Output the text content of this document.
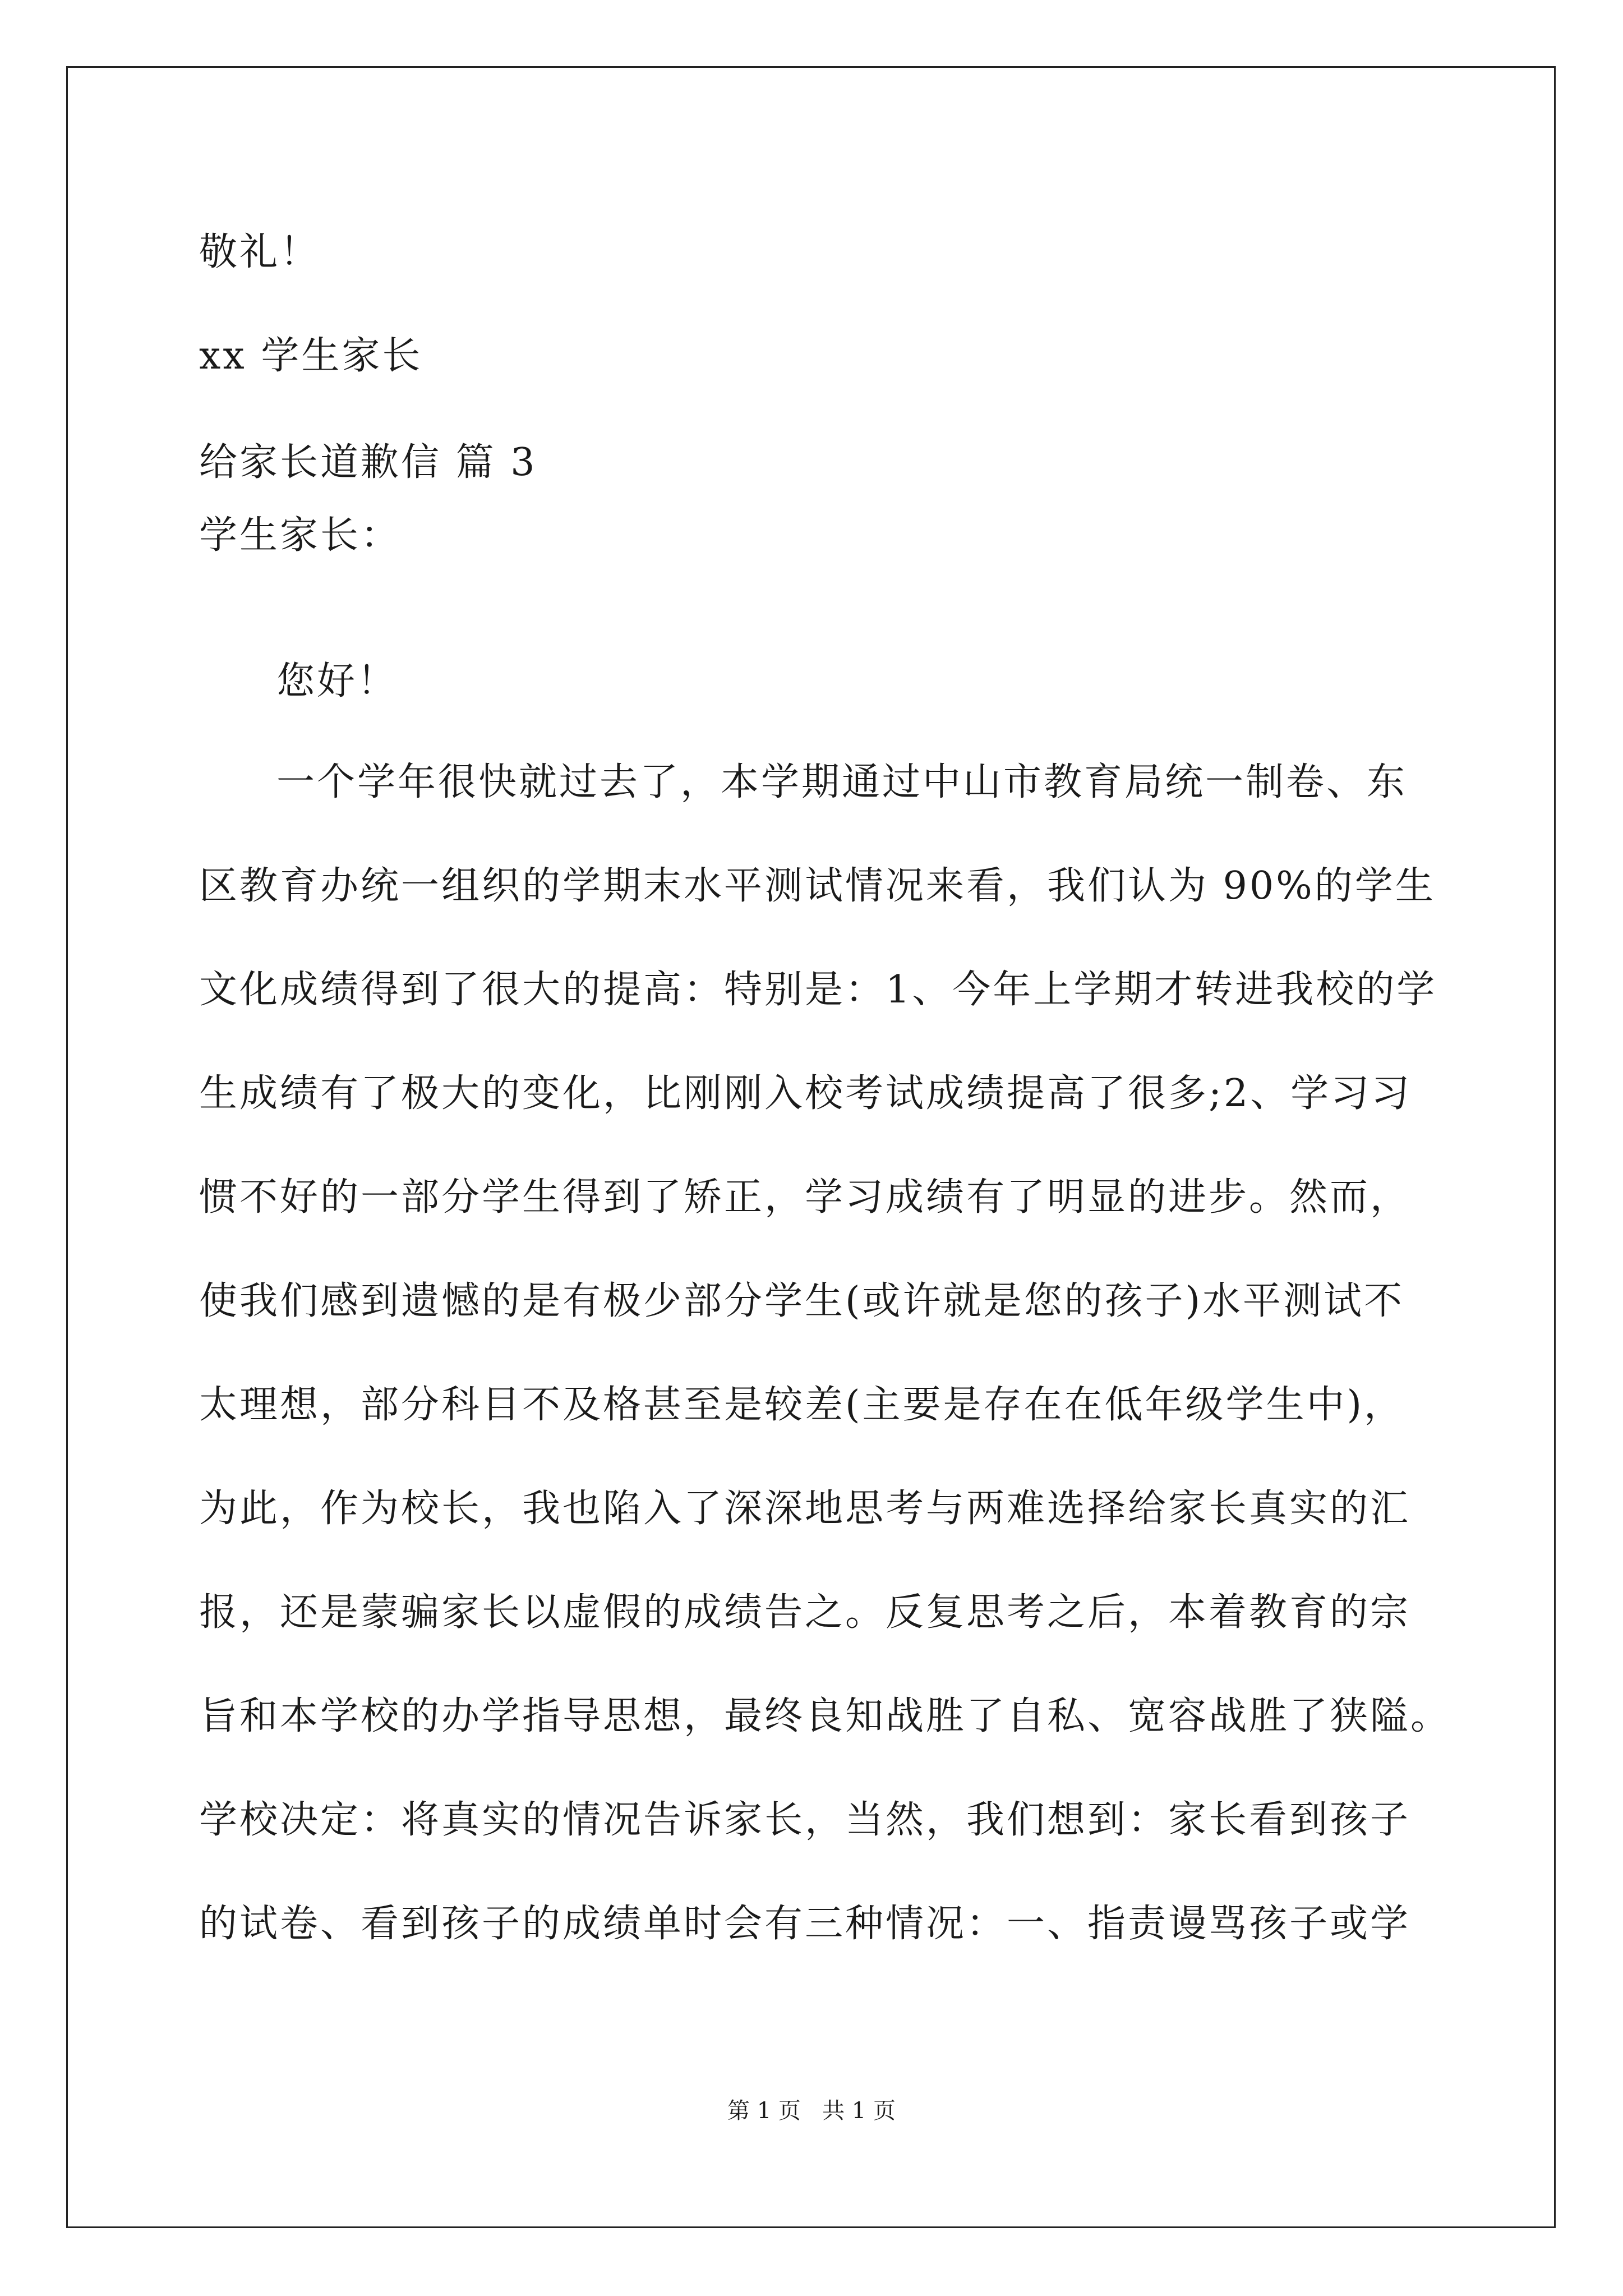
敬礼！
xx 学生家长
给家长道歉信 篇 3
学生家长：
您好！
一个学年很快就过去了，本学期通过中山市教育局统一制卷、东
区教育办统一组织的学期末水平测试情况来看，我们认为 90%的学生
文化成绩得到了很大的提高：特别是：1、今年上学期才转进我校的学
生成绩有了极大的变化，比刚刚入校考试成绩提高了很多;2、学习习
惯不好的一部分学生得到了矫正，学习成绩有了明显的进步。然而，
使我们感到遗憾的是有极少部分学生(或许就是您的孩子)水平测试不
太理想，部分科目不及格甚至是较差(主要是存在在低年级学生中)，
为此，作为校长，我也陷入了深深地思考与两难选择给家长真实的汇
报，还是蒙骗家长以虚假的成绩告之。反复思考之后，本着教育的宗
旨和本学校的办学指导思想，最终良知战胜了自私、宽容战胜了狭隘。
学校决定：将真实的情况告诉家长，当然，我们想到：家长看到孩子
的试卷、看到孩子的成绩单时会有三种情况：一、指责谩骂孩子或学
第 1 页   共 1 页
